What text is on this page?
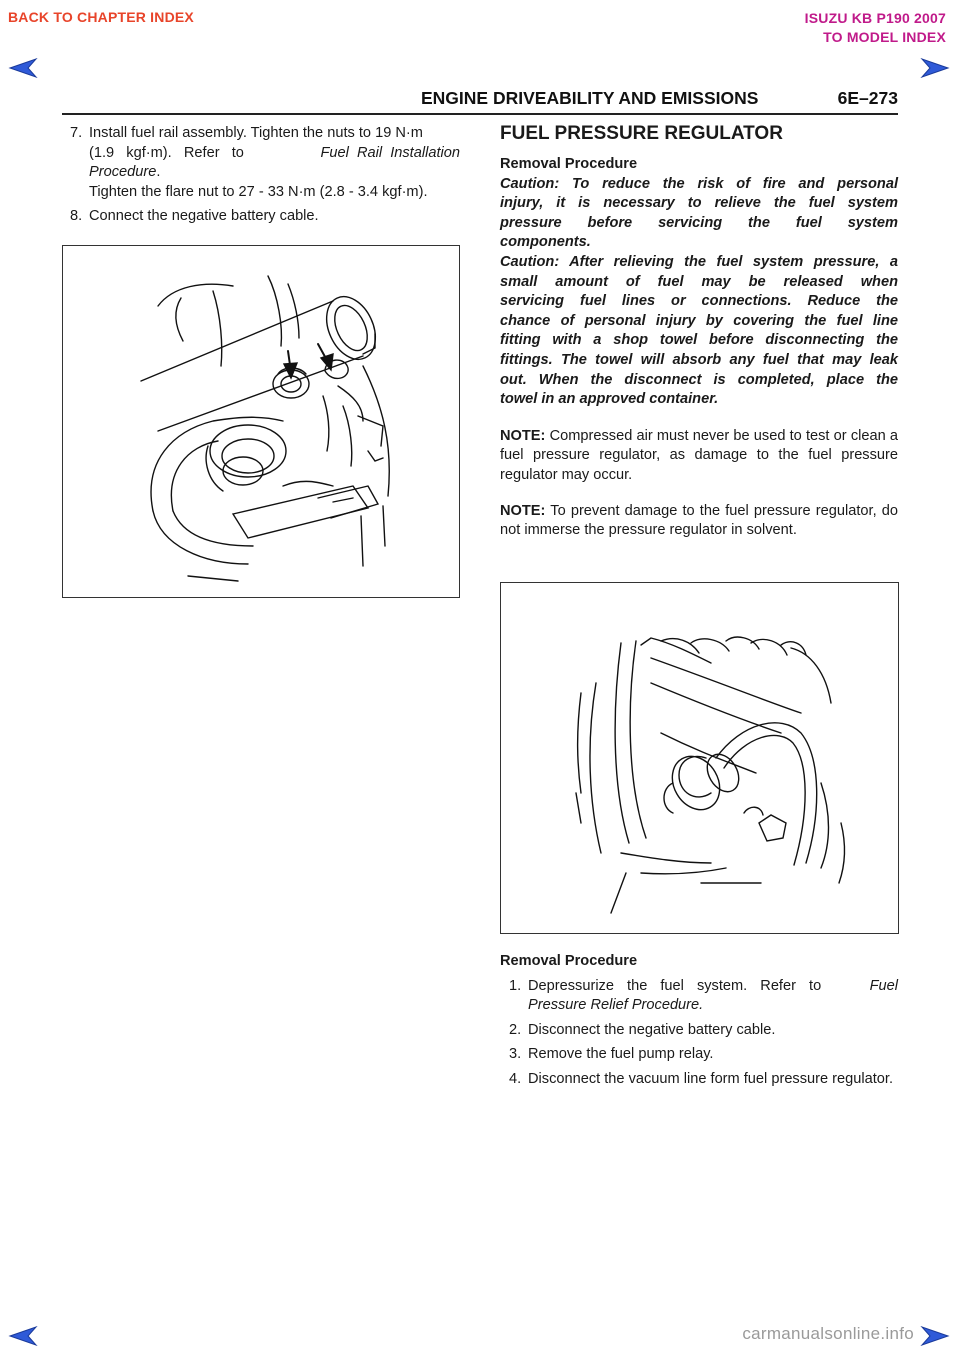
BACK TO CHAPTER INDEX	ISUZU KB P190 2007
TO MODEL INDEX
ENGINE DRIVEABILITY AND EMISSIONS	6E–273
7. Install fuel rail assembly. Tighten the nuts to 19 N·m
(1.9   kgf·m).   Refer   to	Fuel  Rail  Installation
Procedure.
Tighten the flare nut to 27 - 33 N·m (2.8 - 3.4 kgf·m).
8. Connect the negative battery cable.
FUEL PRESSURE REGULATOR
Removal Procedure
Caution: To reduce the risk of fire and personal
injury, it is necessary to relieve the fuel system
pressure before servicing the fuel system
components.
Caution: After relieving the fuel system pressure, a
small amount of fuel may be released when
servicing fuel lines or connections. Reduce the
chance of personal injury by covering the fuel line
fitting with a shop towel before disconnecting the
fittings. The towel will absorb any fuel that may leak
out. When the disconnect is completed, place the
towel in an approved container.
NOTE: Compressed air must never be used to test or clean a fuel pressure regulator, as damage to the fuel pressure regulator may occur.
NOTE: To prevent damage to the fuel pressure regulator, do not immerse the pressure regulator in solvent.
Removal Procedure
1. Depressurize the fuel system. Refer to	Fuel
Pressure Relief Procedure.
2. Disconnect the negative battery cable.
3. Remove the fuel pump relay.
4. Disconnect the vacuum line form fuel pressure regulator.
carmanualsonline.info
